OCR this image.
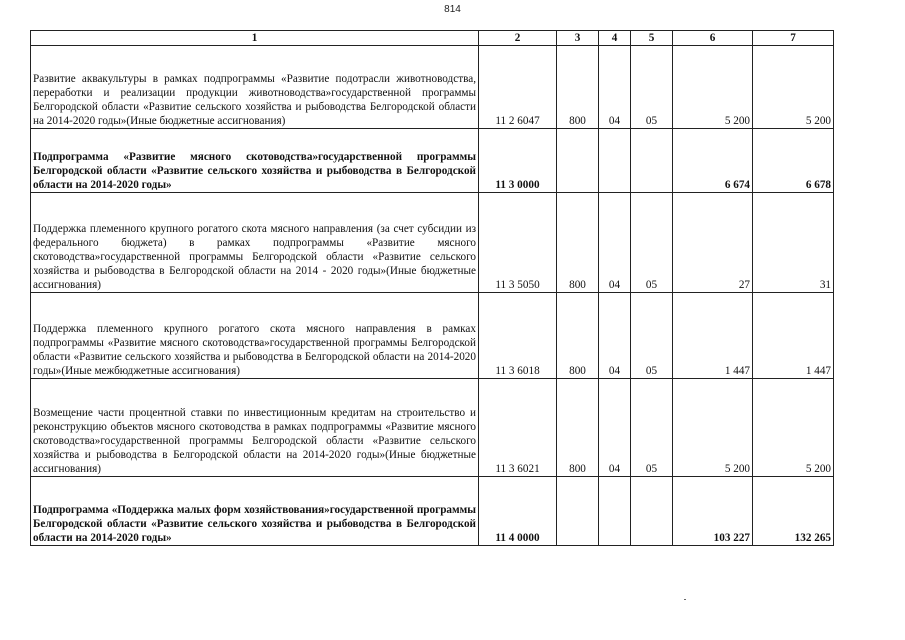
814
1	2	3	4	5	6	7
Развитие аквакультуры в рамках подпрограммы «Развитие подотрасли животноводства, переработки и реализации продукции животноводства»государственной программы Белгородской области «Развитие сельского хозяйства и рыбоводства Белгородской области на 2014-2020 годы»(Иные бюджетные ассигнования)	11 2 6047	800	04	05	5 200	5 200
Подпрограмма «Развитие мясного скотоводства»государственной программы Белгородской области «Развитие сельского хозяйства и рыбоводства в Белгородской области на 2014-2020 годы»	11 3 0000				6 674	6 678
Поддержка племенного крупного рогатого скота мясного направления (за счет субсидии из федерального бюджета) в рамках подпрограммы «Развитие мясного скотоводства»государственной программы Белгородской области «Развитие сельского хозяйства и рыбоводства в Белгородской области на 2014 - 2020 годы»(Иные бюджетные ассигнования)	11 3 5050	800	04	05	27	31
Поддержка племенного крупного рогатого скота мясного направления в рамках подпрограммы «Развитие мясного скотоводства»государственной программы Белгородской области «Развитие сельского хозяйства и рыбоводства в Белгородской области на 2014-2020 годы»(Иные межбюджетные ассигнования)	11 3 6018	800	04	05	1 447	1 447
Возмещение части процентной ставки по инвестиционным кредитам на строительство и реконструкцию объектов мясного скотоводства в рамках подпрограммы «Развитие мясного скотоводства»государственной программы Белгородской области «Развитие сельского хозяйства и рыбоводства в Белгородской области на 2014-2020 годы»(Иные бюджетные ассигнования)	11 3 6021	800	04	05	5 200	5 200
Подпрограмма «Поддержка малых форм хозяйствования»государственной программы Белгородской области «Развитие сельского хозяйства и рыбоводства в Белгородской области на 2014-2020 годы»	11 4 0000				103 227	132 265
